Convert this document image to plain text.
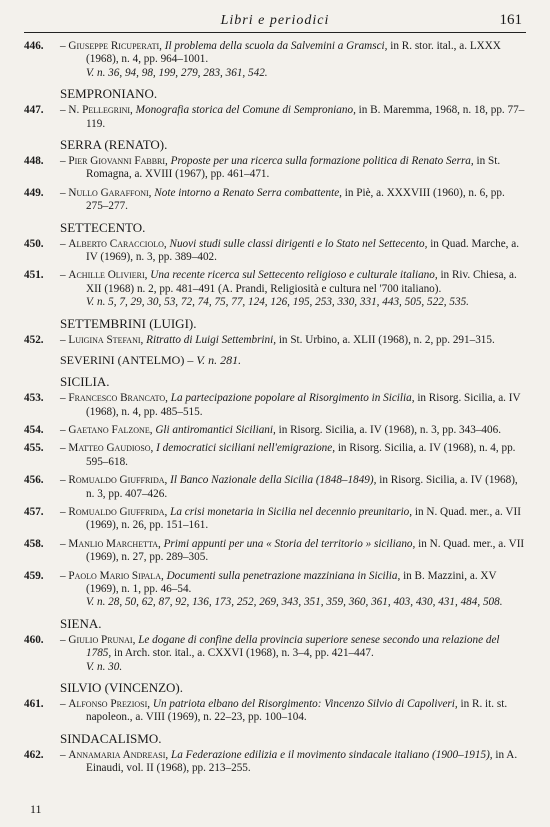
Libri e periodici	161
446.	– Giuseppe Ricuperati, Il problema della scuola da Salvemini a Gramsci, in R. stor. ital., a. LXXX (1968), n. 4, pp. 964–1001.
V. n. 36, 94, 98, 199, 279, 283, 361, 542.
SEMPRONIANO.
447.	– N. Pellegrini, Monografia storica del Comune di Semproniano, in B. Maremma, 1968, n. 18, pp. 77–119.
SERRA (RENATO).
448.	– Pier Giovanni Fabbri, Proposte per una ricerca sulla formazione politica di Renato Serra, in St. Romagna, a. XVIII (1967), pp. 461–471.
449.	– Nullo Garaffoni, Note intorno a Renato Serra combattente, in Piè, a. XXXVIII (1960), n. 6, pp. 275–277.
SETTECENTO.
450.	– Alberto Caracciolo, Nuovi studi sulle classi dirigenti e lo Stato nel Settecento, in Quad. Marche, a. IV (1969), n. 3, pp. 389–402.
451.	– Achille Olivieri, Una recente ricerca sul Settecento religioso e culturale italiano, in Riv. Chiesa, a. XII (1968) n. 2, pp. 481–491 (A. Prandi, Religiosità e cultura nel '700 italiano).
V. n. 5, 7, 29, 30, 53, 72, 74, 75, 77, 124, 126, 195, 253, 330, 331, 443, 505, 522, 535.
SETTEMBRINI (LUIGI).
452.	– Luigina Stefani, Ritratto di Luigi Settembrini, in St. Urbino, a. XLII (1968), n. 2, pp. 291–315.
SEVERINI (ANTELMO) – V. n. 281.
SICILIA.
453.	– Francesco Brancato, La partecipazione popolare al Risorgimento in Sicilia, in Risorg. Sicilia, a. IV (1968), n. 4, pp. 485–515.
454.	– Gaetano Falzone, Gli antiromantici Siciliani, in Risorg. Sicilia, a. IV (1968), n. 3, pp. 343–406.
455.	– Matteo Gaudioso, I democratici siciliani nell'emigrazione, in Risorg. Sicilia, a. IV (1968), n. 4, pp. 595–618.
456.	– Romualdo Giuffrida, Il Banco Nazionale della Sicilia (1848–1849), in Risorg. Sicilia, a. IV (1968), n. 3, pp. 407–426.
457.	– Romualdo Giuffrida, La crisi monetaria in Sicilia nel decennio preunitario, in N. Quad. mer., a. VII (1969), n. 26, pp. 151–161.
458.	– Manlio Marchetta, Primi appunti per una « Storia del territorio » siciliano, in N. Quad. mer., a. VII (1969), n. 27, pp. 289–305.
459.	– Paolo Mario Sipala, Documenti sulla penetrazione mazziniana in Sicilia, in B. Mazzini, a. XV (1969), n. 1, pp. 46–54.
V. n. 28, 50, 62, 87, 92, 136, 173, 252, 269, 343, 351, 359, 360, 361, 403, 430, 431, 484, 508.
SIENA.
460.	– Giulio Prunai, Le dogane di confine della provincia superiore senese secondo una relazione del 1785, in Arch. stor. ital., a. CXXVI (1968), n. 3–4, pp. 421–447.
V. n. 30.
SILVIO (VINCENZO).
461.	– Alfonso Preziosi, Un patriota elbano del Risorgimento: Vincenzo Silvio di Capoliveri, in R. it. st. napoleon., a. VIII (1969), n. 22–23, pp. 100–104.
SINDACALISMO.
462.	– Annamaria Andreasi, La Federazione edilizia e il movimento sindacale italiano (1900–1915), in A. Einaudi, vol. II (1968), pp. 213–255.
11
